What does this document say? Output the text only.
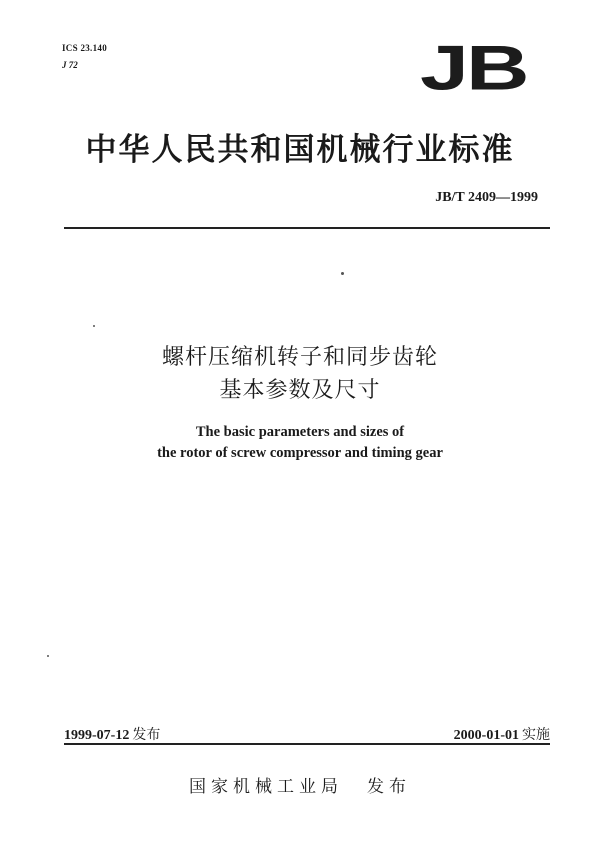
ICS 23.140
J 72	JB
中华人民共和国机械行业标准
JB/T 2409—1999
螺杆压缩机转子和同步齿轮
基本参数及尺寸
The basic parameters and sizes of
the rotor of screw compressor and timing gear
1999-07-12 发布	2000-01-01 实施
国家机械工业局 发布
